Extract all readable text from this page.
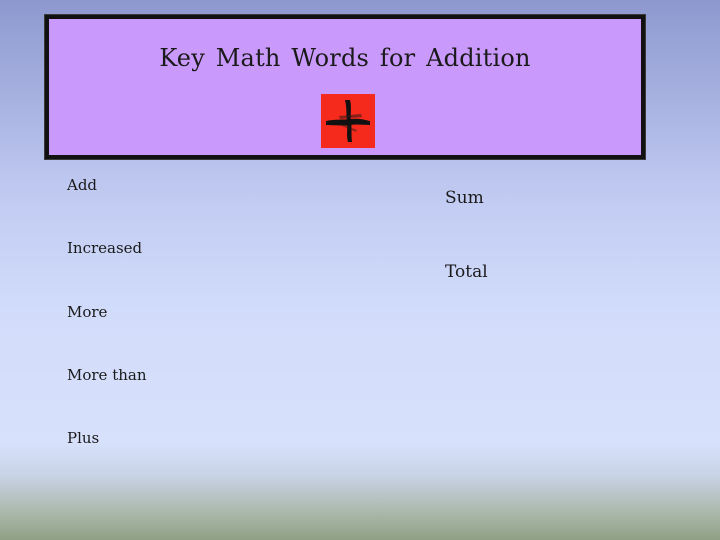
Key Math Words for Addition
Add
Increased
More
More than
Plus
Sum
Total
